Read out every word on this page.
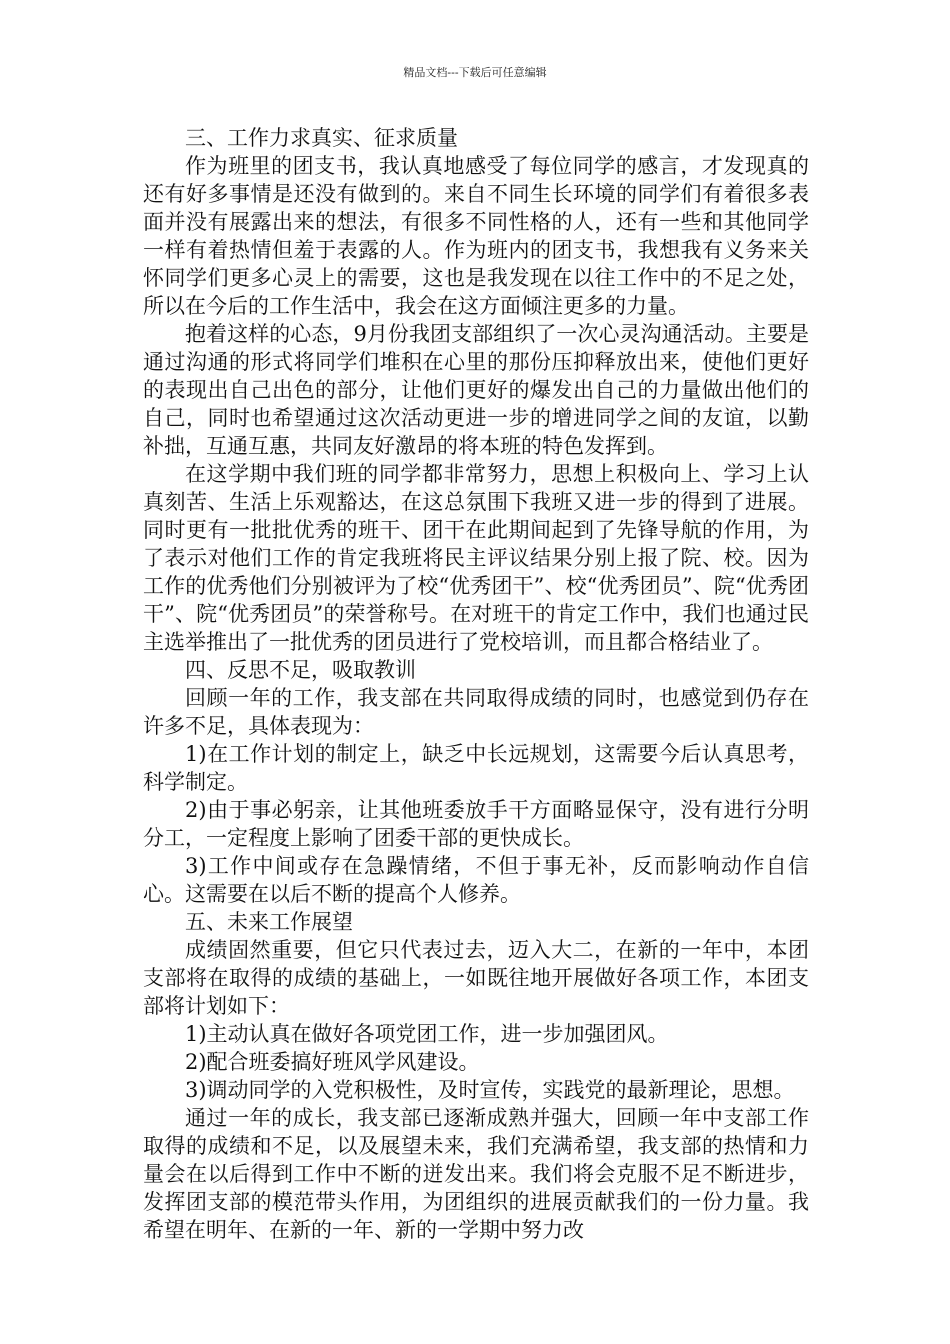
精品文档---下载后可任意编辑

三、工作力求真实、征求质量

作为班里的团支书，我认真地感受了每位同学的感言，才发现真的还有好多事情是还没有做到的。来自不同生长环境的同学们有着很多表面并没有展露出来的想法，有很多不同性格的人，还有一些和其他同学一样有着热情但羞于表露的人。作为班内的团支书，我想我有义务来关怀同学们更多心灵上的需要，这也是我发现在以往工作中的不足之处，所以在今后的工作生活中，我会在这方面倾注更多的力量。

抱着这样的心态，9月份我团支部组织了一次心灵沟通活动。主要是通过沟通的形式将同学们堆积在心里的那份压抑释放出来，使他们更好的表现出自己出色的部分，让他们更好的爆发出自己的力量做出他们的自己，同时也希望通过这次活动更进一步的增进同学之间的友谊，以勤补拙，互通互惠，共同友好激昂的将本班的特色发挥到。

在这学期中我们班的同学都非常努力，思想上积极向上、学习上认真刻苦、生活上乐观豁达，在这总氛围下我班又进一步的得到了进展。同时更有一批批优秀的班干、团干在此期间起到了先锋导航的作用，为了表示对他们工作的肯定我班将民主评议结果分别上报了院、校。因为工作的优秀他们分别被评为了校“优秀团干”、校“优秀团员”、院“优秀团干”、院“优秀团员”的荣誉称号。在对班干的肯定工作中，我们也通过民主选举推出了一批优秀的团员进行了党校培训，而且都合格结业了。

四、反思不足，吸取教训

回顾一年的工作，我支部在共同取得成绩的同时，也感觉到仍存在许多不足，具体表现为：

1)在工作计划的制定上，缺乏中长远规划，这需要今后认真思考，科学制定。

2)由于事必躬亲，让其他班委放手干方面略显保守，没有进行分明分工，一定程度上影响了团委干部的更快成长。

3)工作中间或存在急躁情绪，不但于事无补，反而影响动作自信心。这需要在以后不断的提高个人修养。

五、未来工作展望

成绩固然重要，但它只代表过去，迈入大二，在新的一年中，本团支部将在取得的成绩的基础上，一如既往地开展做好各项工作，本团支部将计划如下：

1)主动认真在做好各项党团工作，进一步加强团风。

2)配合班委搞好班风学风建设。

3)调动同学的入党积极性，及时宣传，实践党的最新理论，思想。

通过一年的成长，我支部已逐渐成熟并强大，回顾一年中支部工作取得的成绩和不足，以及展望未来，我们充满希望，我支部的热情和力量会在以后得到工作中不断的迸发出来。我们将会克服不足不断进步，发挥团支部的模范带头作用，为团组织的进展贡献我们的一份力量。我希望在明年、在新的一年、新的一学期中努力改
